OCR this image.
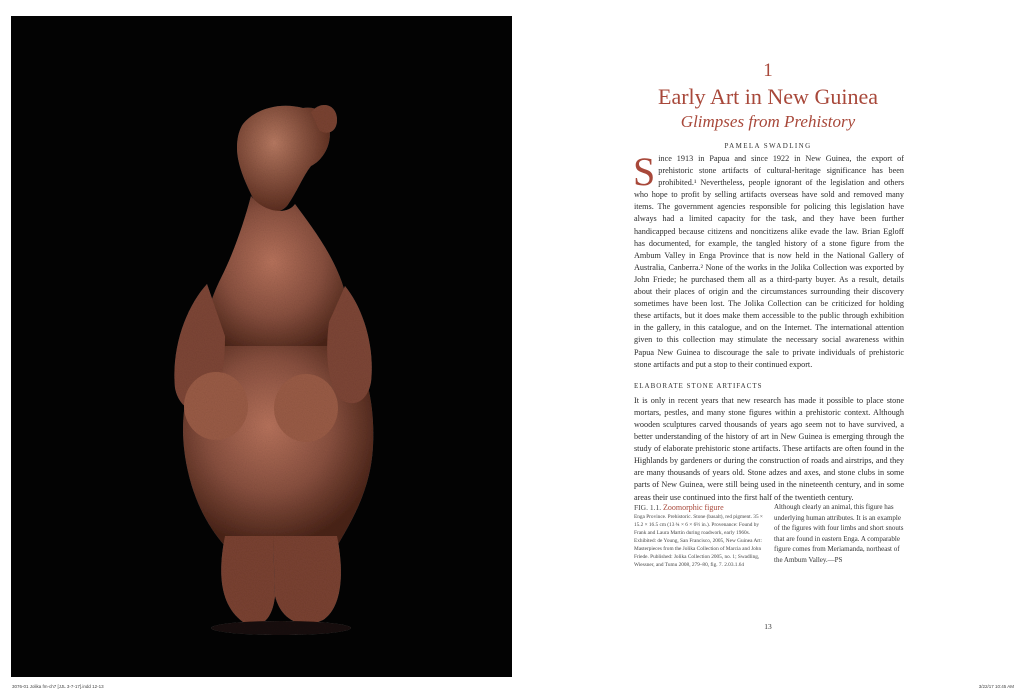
1
Early Art in New Guinea
Glimpses from Prehistory
PAMELA SWADLING

Since 1913 in Papua and since 1922 in New Guinea, the export of prehistoric stone artifacts of cultural-heritage significance has been prohibited.¹ Nevertheless, people ignorant of the legislation and others who hope to profit by selling artifacts overseas have sold and removed many items. The government agencies responsible for policing this legislation have always had a limited capacity for the task, and they have been further handicapped because citizens and noncitizens alike evade the law. Brian Egloff has documented, for example, the tangled history of a stone figure from the Ambum Valley in Enga Province that is now held in the National Gallery of Australia, Canberra.² None of the works in the Jolika Collection was exported by John Friede; he purchased them all as a third-party buyer. As a result, details about their places of origin and the circumstances surrounding their discovery sometimes have been lost. The Jolika Collection can be criticized for holding these artifacts, but it does make them accessible to the public through exhibition in the gallery, in this catalogue, and on the Internet. The international attention given to this collection may stimulate the necessary social awareness within Papua New Guinea to discourage the sale to private individuals of prehistoric stone artifacts and put a stop to their continued export.

ELABORATE STONE ARTIFACTS

It is only in recent years that new research has made it possible to place stone mortars, pestles, and many stone figures within a prehistoric context. Although wooden sculptures carved thousands of years ago seem not to have survived, a better understanding of the history of art in New Guinea is emerging through the study of elaborate prehistoric stone artifacts. These artifacts are often found in the Highlands by gardeners or during the construction of roads and airstrips, and they are many thousands of years old. Stone adzes and axes, and stone clubs in some parts of New Guinea, were still being used in the nineteenth century, and in some areas their use continued into the first half of the twentieth century.

FIG. 1.1. Zoomorphic figure
Enga Province. Prehistoric. Stone (basalt), red pigment. 35 × 15.2 × 16.5 cm (13 ¾ × 6 × 6½ in.). Provenance: Found by Frank and Laura Martin during roadwork, early 1960s. Exhibited: de Young, San Francisco, 2005, New Guinea Art: Masterpieces from the Jolika Collection of Marcia and John Friede. Published: Jolika Collection 2005, no. 1; Swadling, Wiessner, and Tumu 2008, 279–80, fig. 7. 2.03.1.64
Although clearly an animal, this figure has underlying human attributes. It is an example of the figures with four limbs and short snouts that are found in eastern Enga. A comparable figure comes from Meriamanda, northeast of the Ambum Valley.—PS
13
3076-01 Jolika fm-ch7 [JJL 3-7-17].indd 12-13	3/22/17 10:45 AM
